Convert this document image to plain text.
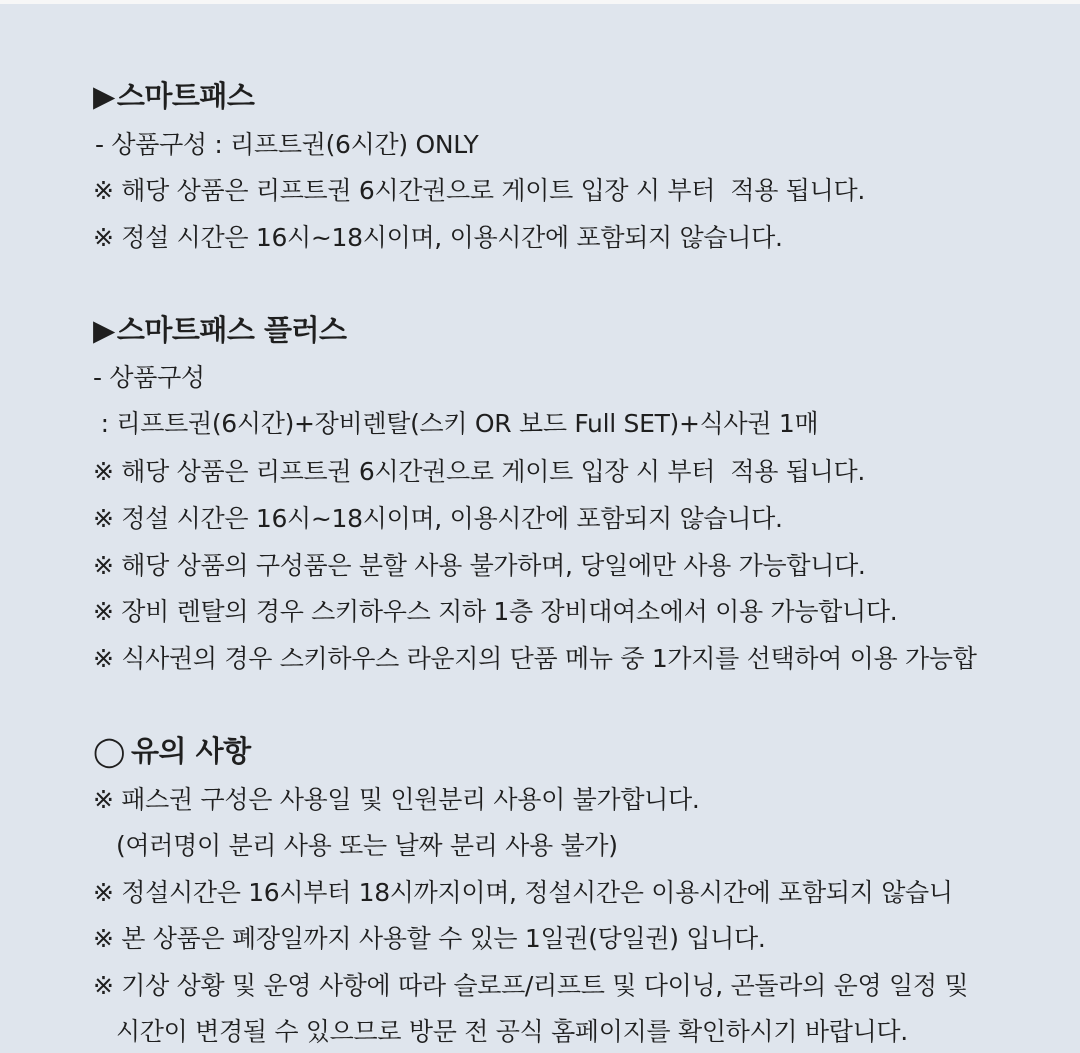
▶스마트패스
- 상품구성 : 리프트권(6시간) ONLY
※ 해당 상품은 리프트권 6시간권으로 게이트 입장 시 부터  적용 됩니다.
※ 정설 시간은 16시~18시이며, 이용시간에 포함되지 않습니다.
▶스마트패스 플러스
- 상품구성
: 리프트권(6시간)+장비렌탈(스키 OR 보드 Full SET)+식사권 1매
※ 해당 상품은 리프트권 6시간권으로 게이트 입장 시 부터  적용 됩니다.
※ 정설 시간은 16시~18시이며, 이용시간에 포함되지 않습니다.
※ 해당 상품의 구성품은 분할 사용 불가하며, 당일에만 사용 가능합니다.
※ 장비 렌탈의 경우 스키하우스 지하 1층 장비대여소에서 이용 가능합니다.
※ 식사권의 경우 스키하우스 라운지의 단품 메뉴 중 1가지를 선택하여 이용 가능합
◯ 유의 사항
※ 패스권 구성은 사용일 및 인원분리 사용이 불가합니다.
(여러명이 분리 사용 또는 날짜 분리 사용 불가)
※ 정설시간은 16시부터 18시까지이며, 정설시간은 이용시간에 포함되지 않습니
※ 본 상품은 폐장일까지 사용할 수 있는 1일권(당일권) 입니다.
※ 기상 상황 및 운영 사항에 따라 슬로프/리프트 및 다이닝, 곤돌라의 운영 일정 및
시간이 변경될 수 있으므로 방문 전 공식 홈페이지를 확인하시기 바랍니다.
